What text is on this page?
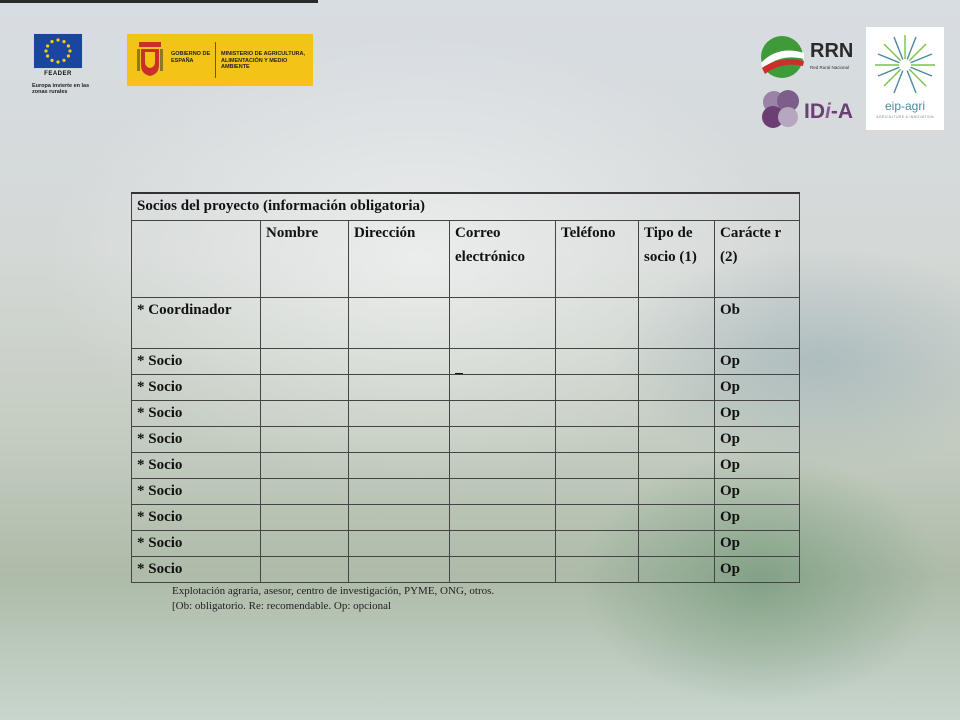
FEADER
Europa invierte en las zonas rurales
GOBIERNO DE ESPAÑA
MINISTERIO DE AGRICULTURA, ALIMENTACIÓN Y MEDIO AMBIENTE
RRN
Red Rural Nacional
IDi-A	eip-agri
AGRICULTURE & INNOVATION
Socios del proyecto (información obligatoria)						
	Nombre	Dirección	Correo electrónico	Teléfono	Tipo de socio (1)	Carácte r (2)
* Coordinador						Ob
* Socio						Op
* Socio						Op
* Socio						Op
* Socio						Op
* Socio						Op
* Socio						Op
* Socio						Op
* Socio						Op
* Socio						Op
Explotación agraria, asesor, centro de investigación, PYME, ONG, otros.
[Ob: obligatorio. Re: recomendable. Op: opcional
